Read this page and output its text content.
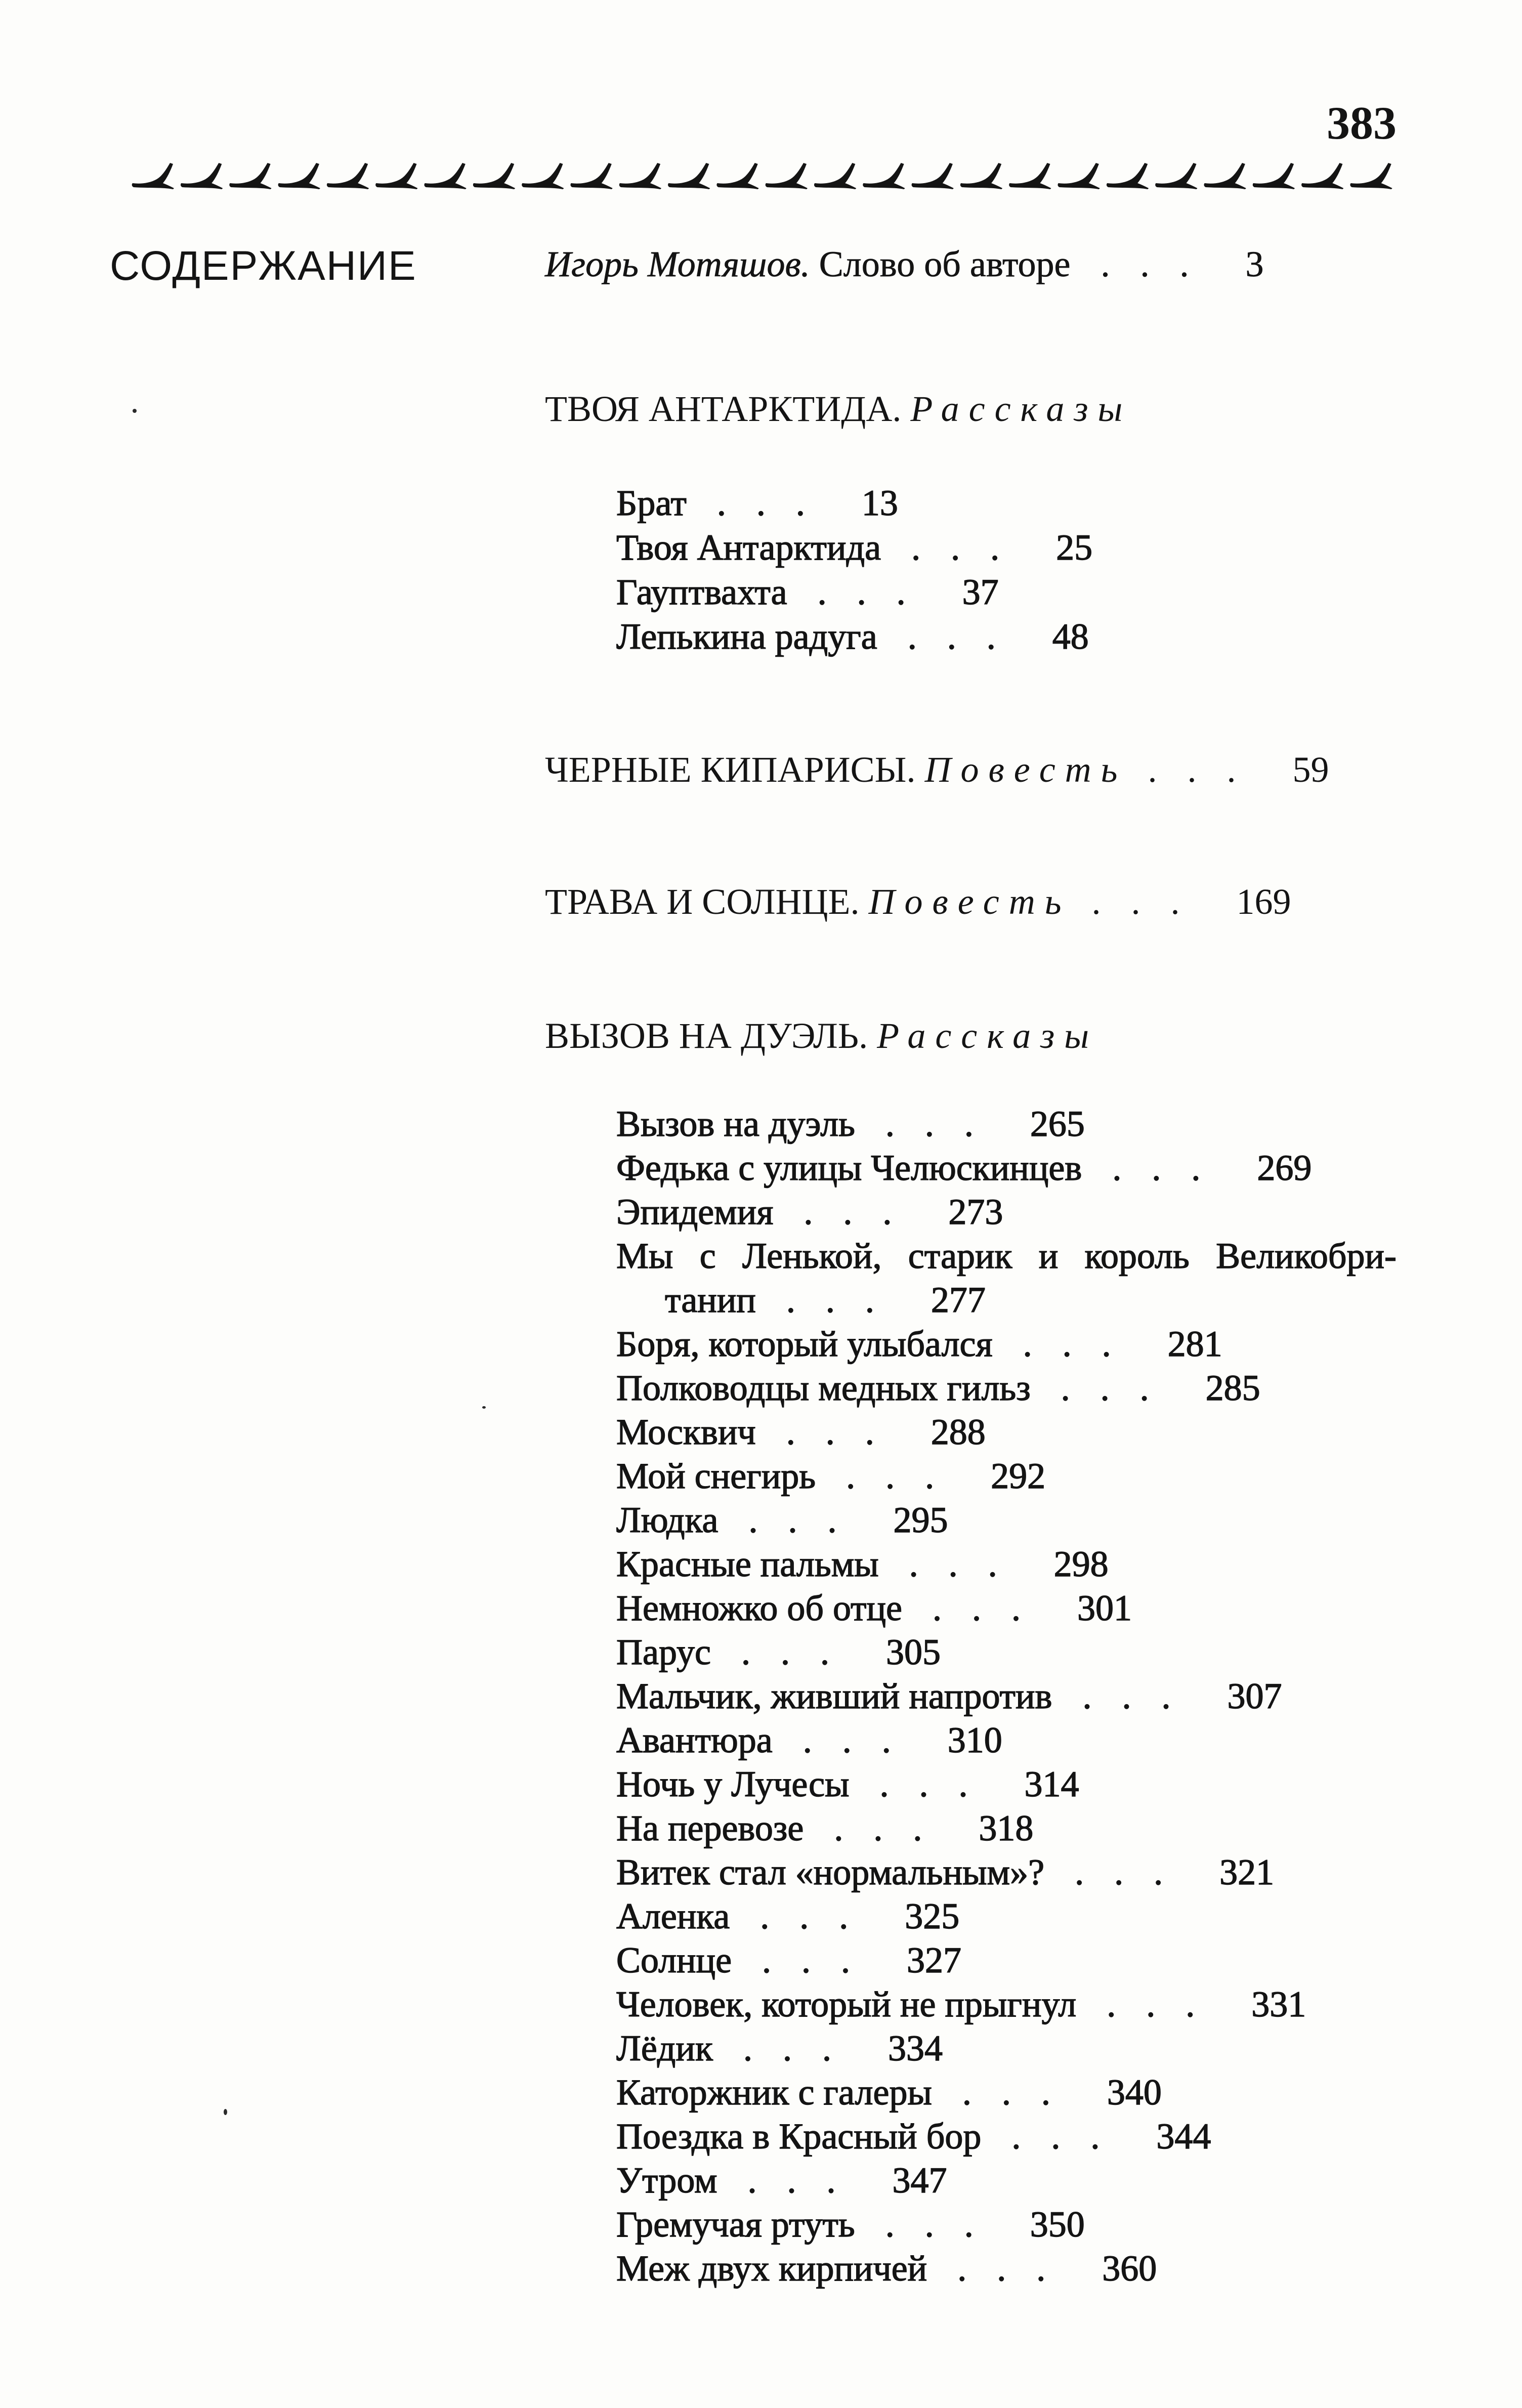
383
СОДЕРЖАНИЕ	Игорь Мотяшов. Слово об авторе . . . 3
ТВОЯ АНТАРКТИДА. Рассказы
Брат . . . 13
Твоя Антарктида . . . 25
Гауптвахта . . . 37
Лепькина радуга . . . 48
ЧЕРНЫЕ КИПАРИСЫ. Повесть . . . 59
ТРАВА И СОЛНЦЕ. Повесть . . . 169
ВЫЗОВ НА ДУЭЛЬ. Рассказы
Вызов на дуэль . . . 265
Федька с улицы Челюскинцев . . . 269
Эпидемия . . . 273
Мы с Ленькой, старик и король Великобри-
танип . . . 277
Боря, который улыбался . . . 281
Полководцы медных гильз . . . 285
Москвич . . . 288
Мой снегирь . . . 292
Людка . . . 295
Красные пальмы . . . 298
Немножко об отце . . . 301
Парус . . . 305
Мальчик, живший напротив . . . 307
Авантюра . . . 310
Ночь у Лучесы . . . 314
На перевозе . . . 318
Витек стал «нормальным»? . . . 321
Аленка . . . 325
Солнце . . . 327
Человек, который не прыгнул . . . 331
Лёдик . . . 334
Каторжник с галеры . . . 340
Поездка в Красный бор . . . 344
Утром . . . 347
Гремучая ртуть . . . 350
Меж двух кирпичей . . . 360
